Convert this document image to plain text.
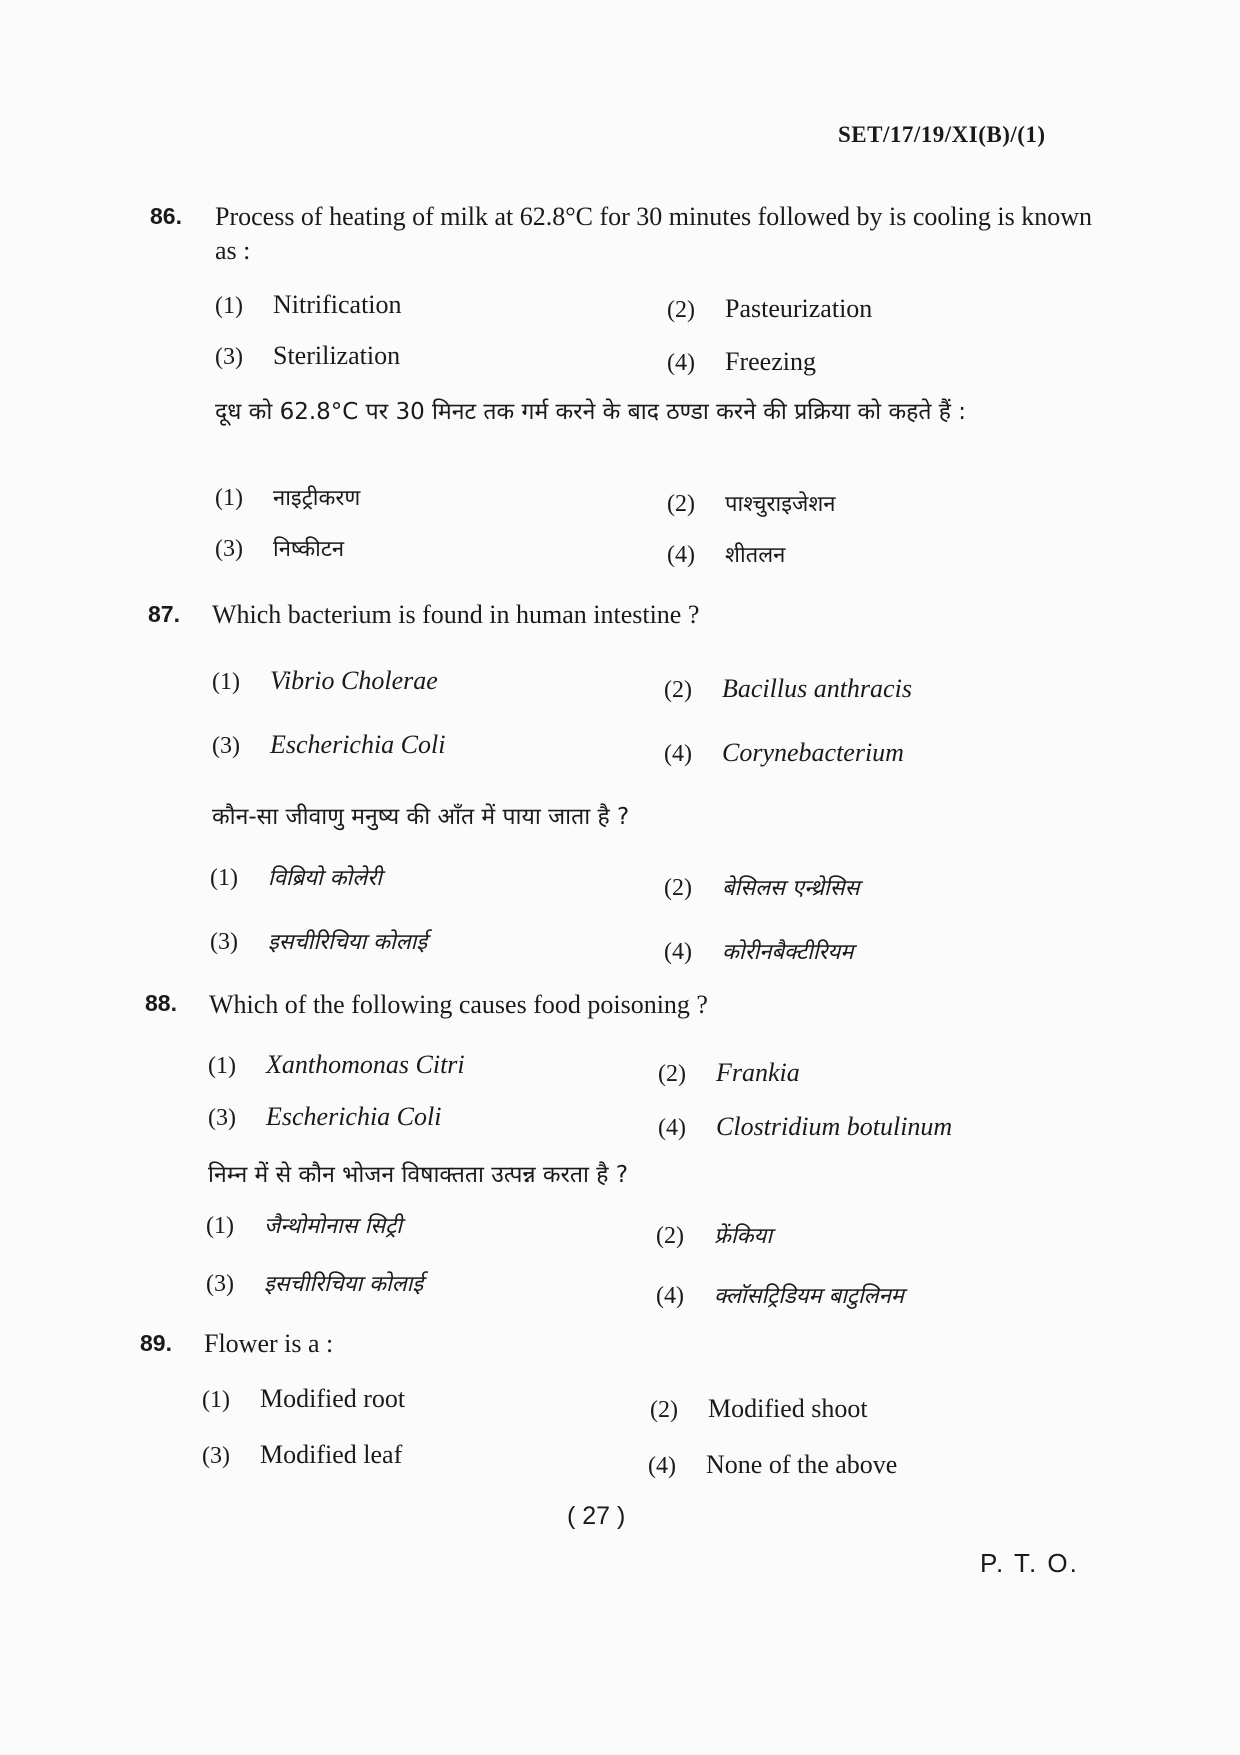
SET/17/19/XI(B)/(1)
86. Process of heating of milk at 62.8°C for 30 minutes followed by is cooling is known as :
(1) Nitrification	(2) Pasteurization
(3) Sterilization	(4) Freezing
दूध को 62.8°C पर 30 मिनट तक गर्म करने के बाद ठण्डा करने की प्रक्रिया को कहते हैं :
(1) नाइट्रीकरण	(2) पाश्चुराइजेशन
(3) निष्कीटन	(4) शीतलन
87. Which bacterium is found in human intestine ?
(1) Vibrio Cholerae	(2) Bacillus anthracis
(3) Escherichia Coli	(4) Corynebacterium
कौन-सा जीवाणु मनुष्य की आँत में पाया जाता है ?
(1) विब्रियो कोलेरी	(2) बेसिलस एन्थ्रेसिस
(3) इसचीरिचिया कोलाई	(4) कोरीनबैक्टीरियम
88. Which of the following causes food poisoning ?
(1) Xanthomonas Citri	(2) Frankia
(3) Escherichia Coli	(4) Clostridium botulinum
निम्न में से कौन भोजन विषाक्तता उत्पन्न करता है ?
(1) जैन्थोमोनास सिट्री	(2) फ्रेंकिया
(3) इसचीरिचिया कोलाई	(4) क्लॉसट्रिडियम बाटुलिनम
89. Flower is a :
(1) Modified root	(2) Modified shoot
(3) Modified leaf	(4) None of the above
( 27 )
P. T. O.
